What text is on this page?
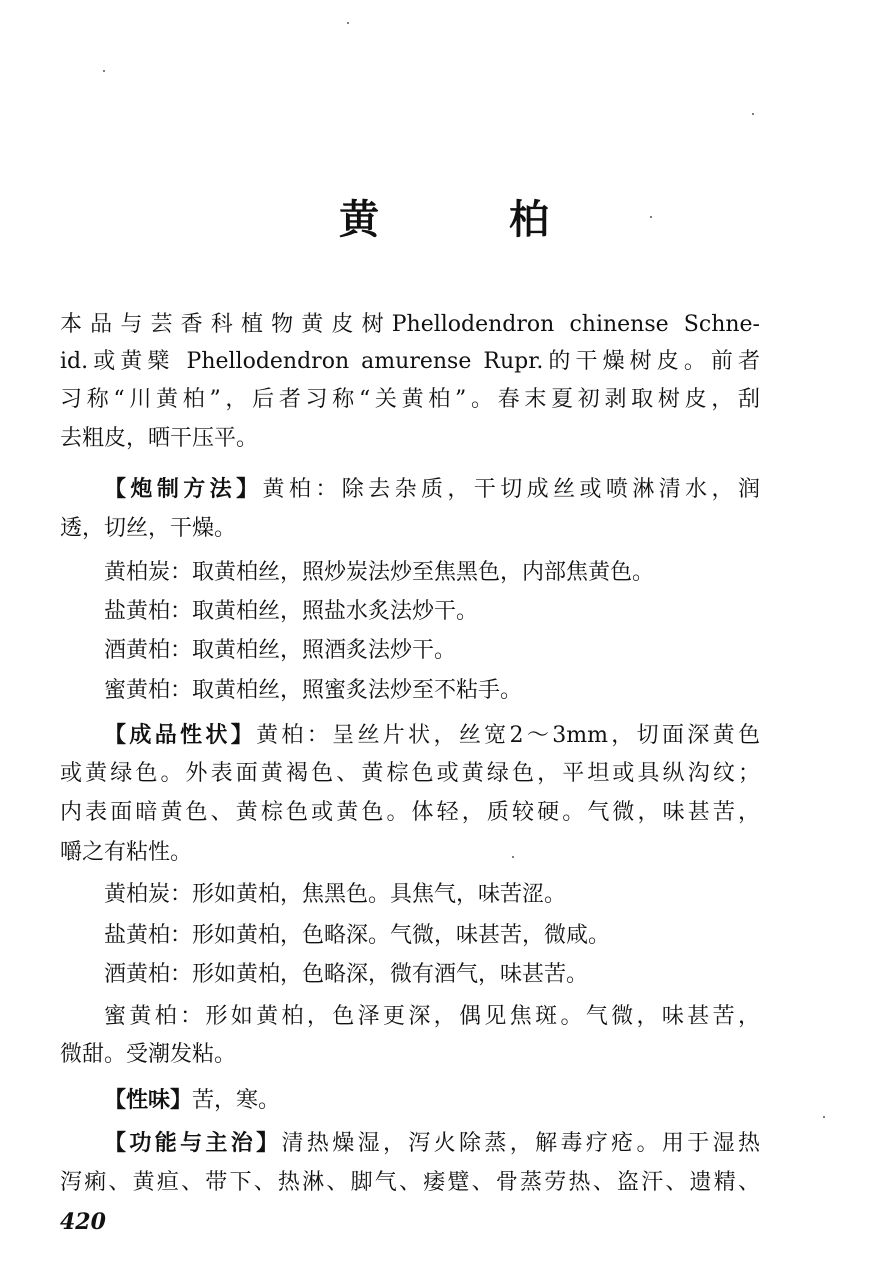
黄 柏
本品与芸香科植物黄皮树Phellodendron chinense Schne-
id.或黄檗 Phellodendron amurense Rupr.的干燥树皮。前者
习称“川黄柏”，后者习称“关黄柏”。春末夏初剥取树皮，刮
去粗皮，晒干压平。
【炮制方法】黄柏：除去杂质，干切成丝或喷淋清水，润
透，切丝，干燥。
黄柏炭：取黄柏丝，照炒炭法炒至焦黑色，内部焦黄色。
盐黄柏：取黄柏丝，照盐水炙法炒干。
酒黄柏：取黄柏丝，照酒炙法炒干。
蜜黄柏：取黄柏丝，照蜜炙法炒至不粘手。
【成品性状】黄柏：呈丝片状，丝宽2～3mm，切面深黄色
或黄绿色。外表面黄褐色、黄棕色或黄绿色，平坦或具纵沟纹；
内表面暗黄色、黄棕色或黄色。体轻，质较硬。气微，味甚苦，
嚼之有粘性。
黄柏炭：形如黄柏，焦黑色。具焦气，味苦涩。
盐黄柏：形如黄柏，色略深。气微，味甚苦，微咸。
酒黄柏：形如黄柏，色略深，微有酒气，味甚苦。
蜜黄柏：形如黄柏，色泽更深，偶见焦斑。气微，味甚苦，
微甜。受潮发粘。
【性味】苦，寒。
【功能与主治】清热燥湿，泻火除蒸，解毒疗疮。用于湿热
泻痢、黄疸、带下、热淋、脚气、痿躄、骨蒸劳热、盗汗、遗精、
420
